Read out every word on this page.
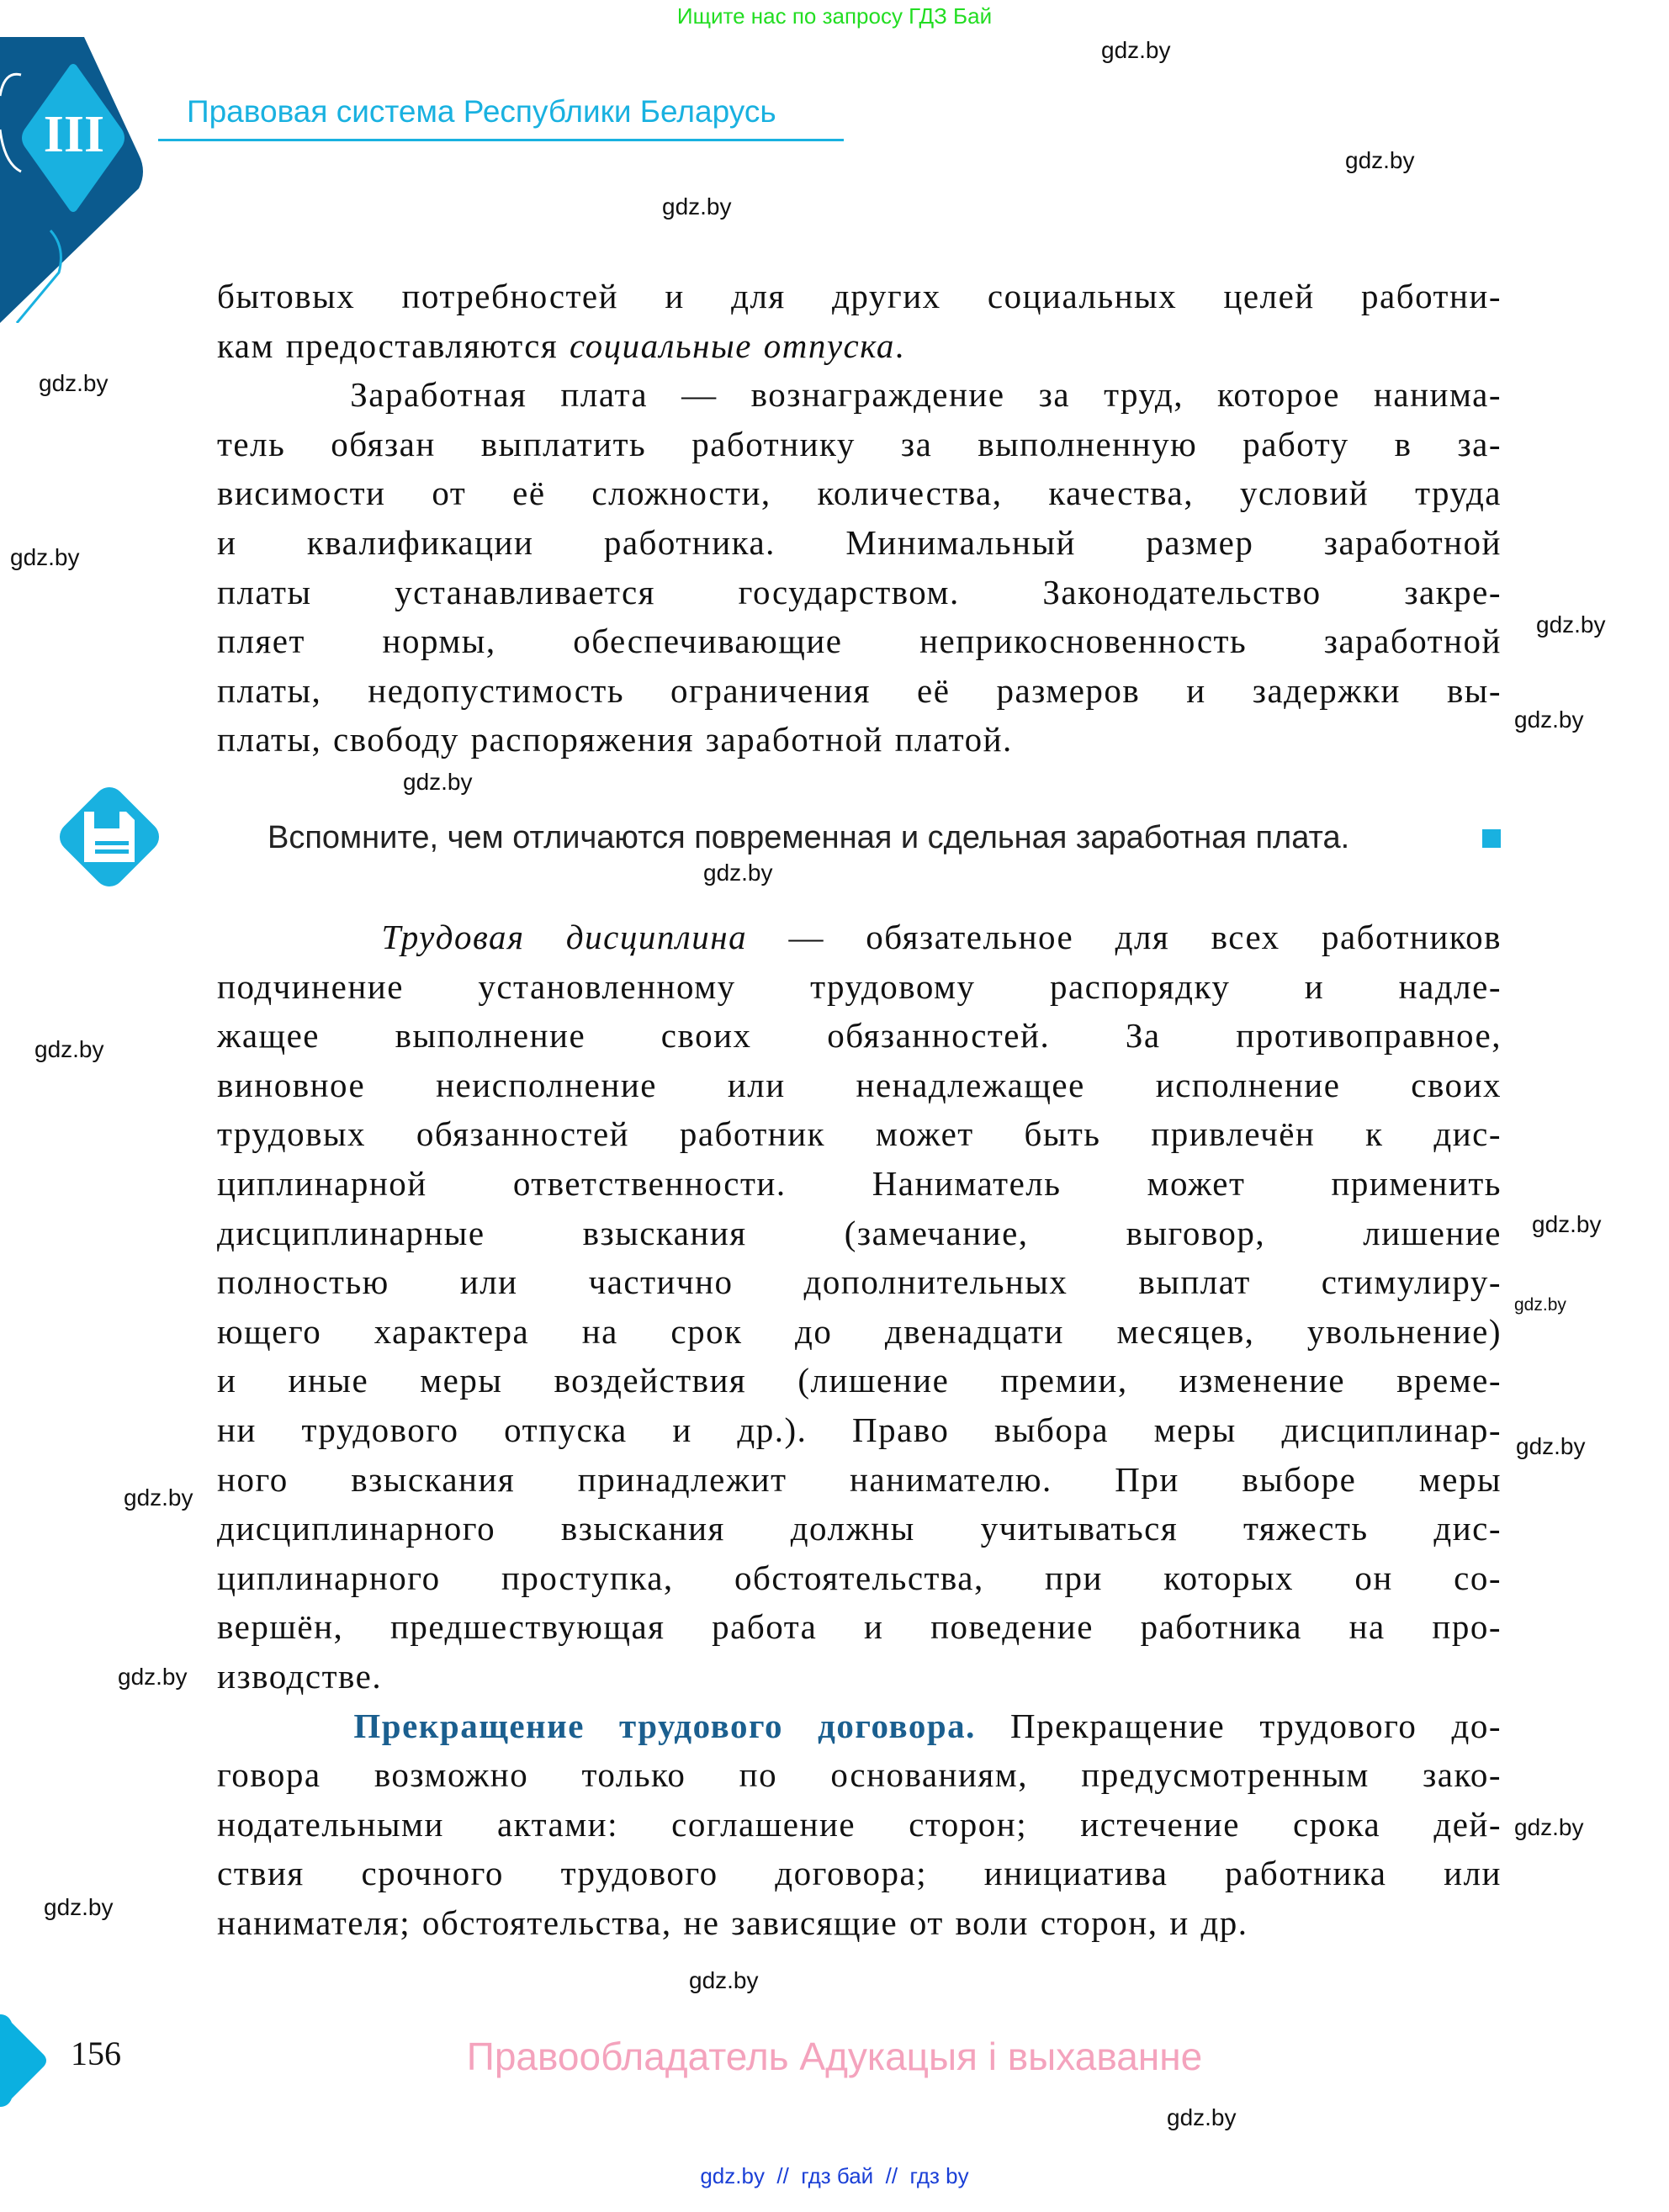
Ищите нас по запросу ГДЗ Бай
III	Правовая система Республики Беларусь
бытовых потребностей и для других социальных целей работни-
кам предоставляются социальные отпуска.
Заработная плата — вознаграждение за труд, которое нанима-
тель обязан выплатить работнику за выполненную работу в за-
висимости от её сложности, количества, качества, условий труда
и квалификации работника. Минимальный размер заработной
платы устанавливается государством. Законодательство закре-
пляет нормы, обеспечивающие неприкосновенность заработной
платы, недопустимость ограничения её размеров и задержки вы-
платы, свободу распоряжения заработной платой.
Вспомните, чем отличаются повременная и сдельная заработная плата.
Трудовая дисциплина — обязательное для всех работников
подчинение установленному трудовому распорядку и надле-
жащее выполнение своих обязанностей. За противоправное,
виновное неисполнение или ненадлежащее исполнение своих
трудовых обязанностей работник может быть привлечён к дис-
циплинарной ответственности. Наниматель может применить
дисциплинарные взыскания (замечание, выговор, лишение
полностью или частично дополнительных выплат стимулиру-
ющего характера на срок до двенадцати месяцев, увольнение)
и иные меры воздействия (лишение премии, изменение време-
ни трудового отпуска и др.). Право выбора меры дисциплинар-
ного взыскания принадлежит нанимателю. При выборе меры
дисциплинарного взыскания должны учитываться тяжесть дис-
циплинарного проступка, обстоятельства, при которых он со-
вершён, предшествующая работа и поведение работника на про-
изводстве.
Прекращение трудового договора. Прекращение трудового до-
говора возможно только по основаниям, предусмотренным зако-
нодательными актами: соглашение сторон; истечение срока дей-
ствия срочного трудового договора; инициатива работника или
нанимателя; обстоятельства, не зависящие от воли сторон, и др.
gdz.by
gdz.by
gdz.by
gdz.by
gdz.by
gdz.by
gdz.by
gdz.by
gdz.by
gdz.by
gdz.by
gdz.by
gdz.by
gdz.by
gdz.by
gdz.by
gdz.by
gdz.by
gdz.by
156	Правообладатель Адукацыя і выхаванне
gdz.by  //  гдз бай  //  гдз by
